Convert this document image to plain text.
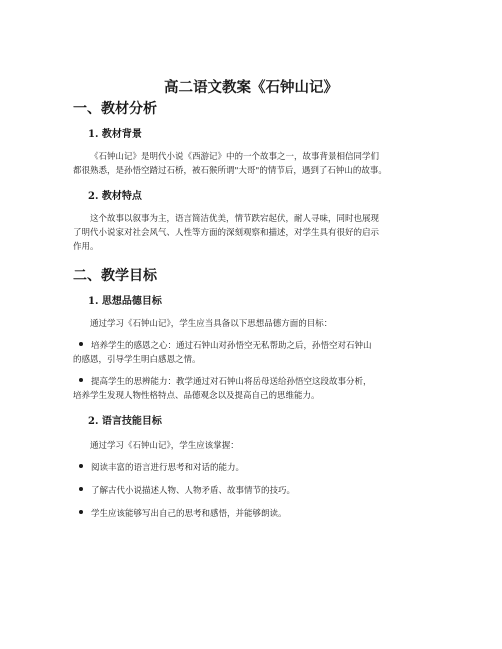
高二语文教案《石钟山记》
一、教材分析
1. 教材背景

《石钟山记》是明代小说《西游记》中的一个故事之一，故事背景相信同学们
都很熟悉，是孙悟空踏过石桥，被石猴所谓"大哥"的情节后，遇到了石钟山的故事。

2. 教材特点

这个故事以叙事为主，语言简洁优美，情节跌宕起伏，耐人寻味，同时也展现
了明代小说家对社会风气、人性等方面的深刻观察和描述，对学生具有很好的启示
作用。

二、教学目标
1. 思想品德目标

通过学习《石钟山记》，学生应当具备以下思想品德方面的目标：

培养学生的感恩之心：通过石钟山对孙悟空无私帮助之后，孙悟空对石钟山
的感恩，引导学生明白感恩之情。
提高学生的思辨能力：教学通过对石钟山将岳母送给孙悟空这段故事分析，
培养学生发现人物性格特点、品德观念以及提高自己的思维能力。
2. 语言技能目标

通过学习《石钟山记》，学生应该掌握：

阅读丰富的语言进行思考和对话的能力。
了解古代小说描述人物、人物矛盾、故事情节的技巧。
学生应该能够写出自己的思考和感悟，并能够朗读。
